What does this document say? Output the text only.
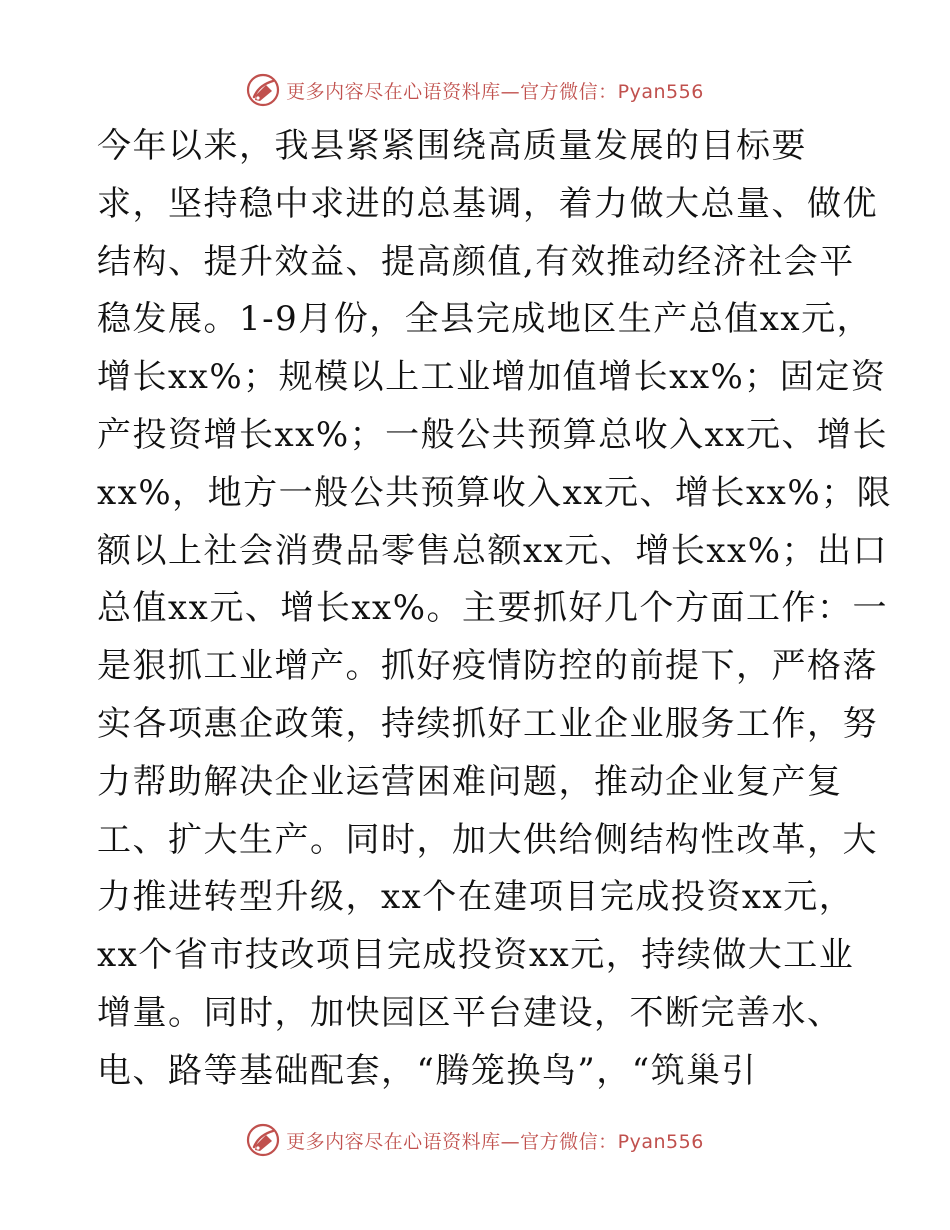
更多内容尽在心语资料库—官方微信：Pyan556
今年以来，我县紧紧围绕高质量发展的目标要
求，坚持稳中求进的总基调，着力做大总量、做优
结构、提升效益、提高颜值,有效推动经济社会平
稳发展。1-9月份，全县完成地区生产总值xx元，
增长xx%；规模以上工业增加值增长xx%；固定资
产投资增长xx%；一般公共预算总收入xx元、增长
xx%，地方一般公共预算收入xx元、增长xx%；限
额以上社会消费品零售总额xx元、增长xx%；出口
总值xx元、增长xx%。主要抓好几个方面工作：一
是狠抓工业增产。抓好疫情防控的前提下，严格落
实各项惠企政策，持续抓好工业企业服务工作，努
力帮助解决企业运营困难问题，推动企业复产复
工、扩大生产。同时，加大供给侧结构性改革，大
力推进转型升级，xx个在建项目完成投资xx元，
xx个省市技改项目完成投资xx元，持续做大工业
增量。同时，加快园区平台建设，不断完善水、
电、路等基础配套，“腾笼换鸟”，“筑巢引
更多内容尽在心语资料库—官方微信：Pyan556
